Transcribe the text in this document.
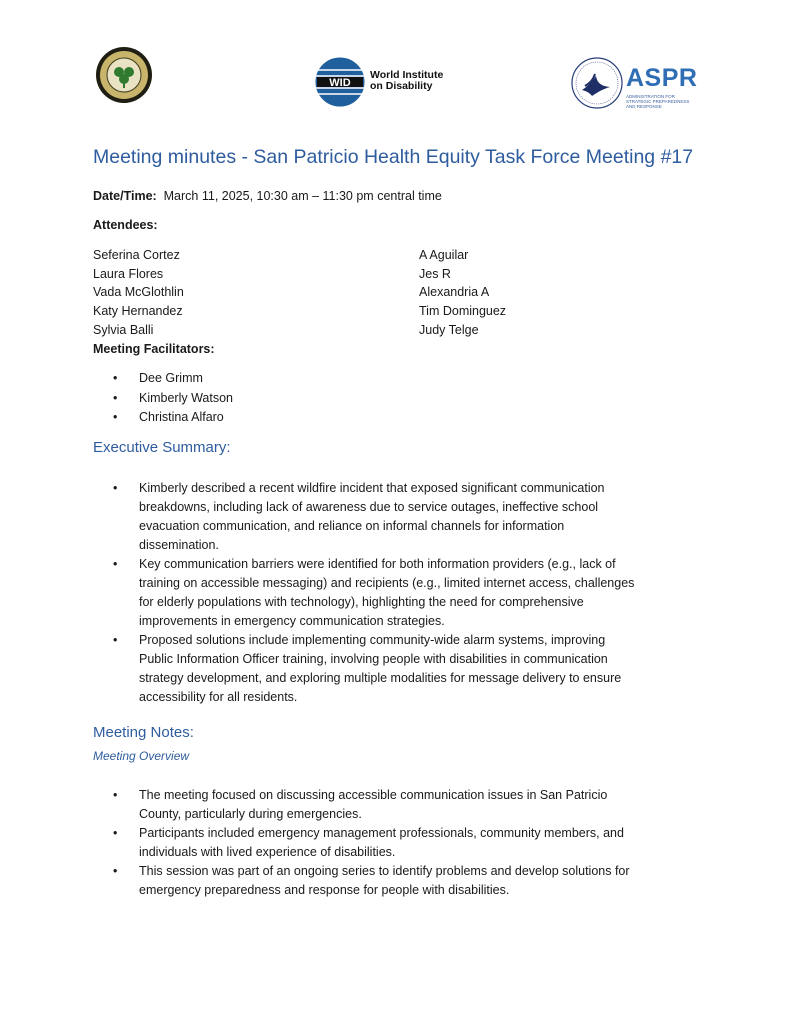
WID
World Institute
on Disability	ASPR
ADMINISTRATION FOR STRATEGIC PREPAREDNESS AND RESPONSE
Meeting minutes - San Patricio Health Equity Task Force Meeting #17
Date/Time: March 11, 2025, 10:30 am – 11:30 pm central time
Attendees:
Seferina Cortez
Laura Flores
Vada McGlothlin
Katy Hernandez
Sylvia Balli
A Aguilar
Jes R
Alexandria A
Tim Dominguez
Judy Telge
Meeting Facilitators:
• Dee Grimm
• Kimberly Watson
• Christina Alfaro
Executive Summary:
• Kimberly described a recent wildfire incident that exposed significant communication
breakdowns, including lack of awareness due to service outages, ineffective school
evacuation communication, and reliance on informal channels for information
dissemination.
• Key communication barriers were identified for both information providers (e.g., lack of
training on accessible messaging) and recipients (e.g., limited internet access, challenges
for elderly populations with technology), highlighting the need for comprehensive
improvements in emergency communication strategies.
• Proposed solutions include implementing community-wide alarm systems, improving
Public Information Officer training, involving people with disabilities in communication
strategy development, and exploring multiple modalities for message delivery to ensure
accessibility for all residents.
Meeting Notes:
Meeting Overview
• The meeting focused on discussing accessible communication issues in San Patricio
County, particularly during emergencies.
• Participants included emergency management professionals, community members, and
individuals with lived experience of disabilities.
• This session was part of an ongoing series to identify problems and develop solutions for
emergency preparedness and response for people with disabilities.
